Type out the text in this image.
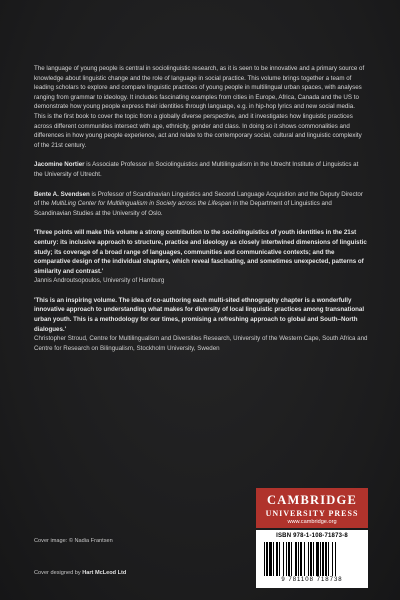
The language of young people is central in sociolinguistic research, as it is seen to be innovative and a primary source of knowledge about linguistic change and the role of language in social practice. This volume brings together a team of leading scholars to explore and compare linguistic practices of young people in multilingual urban spaces, with analyses ranging from grammar to ideology. It includes fascinating examples from cities in Europe, Africa, Canada and the US to demonstrate how young people express their identities through language, e.g. in hip-hop lyrics and new social media. This is the first book to cover the topic from a globally diverse perspective, and it investigates how linguistic practices across different communities intersect with age, ethnicity, gender and class. In doing so it shows commonalities and differences in how young people experience, act and relate to the contemporary social, cultural and linguistic complexity of the 21st century.

Jacomine Nortier is Associate Professor in Sociolinguistics and Multilingualism in the Utrecht Institute of Linguistics at the University of Utrecht.

Bente A. Svendsen is Professor of Scandinavian Linguistics and Second Language Acquisition and the Deputy Director of the MultiLing Center for Multilingualism in Society across the Lifespan in the Department of Linguistics and Scandinavian Studies at the University of Oslo.

'Three points will make this volume a strong contribution to the sociolinguistics of youth identities in the 21st century: its inclusive approach to structure, practice and ideology as closely intertwined dimensions of linguistic study; its coverage of a broad range of languages, communities and communicative contexts; and the comparative design of the individual chapters, which reveal fascinating, and sometimes unexpected, patterns of similarity and contrast.'
Jannis Androutsopoulos, University of Hamburg

'This is an inspiring volume. The idea of co-authoring each multi-sited ethnography chapter is a wonderfully innovative approach to understanding what makes for diversity of local linguistic practices among transnational urban youth. This is a methodology for our times, promising a refreshing approach to global and South–North dialogues.'
Christopher Stroud, Centre for Multilingualism and Diversities Research, University of the Western Cape, South Africa and Centre for Research on Bilingualism, Stockholm University, Sweden

CAMBRIDGE
UNIVERSITY PRESS
www.cambridge.org
ISBN 978-1-108-71873-8
9 781108 718738
Cover image: © Nadia Frantsen
Cover designed by Hart McLeod Ltd
